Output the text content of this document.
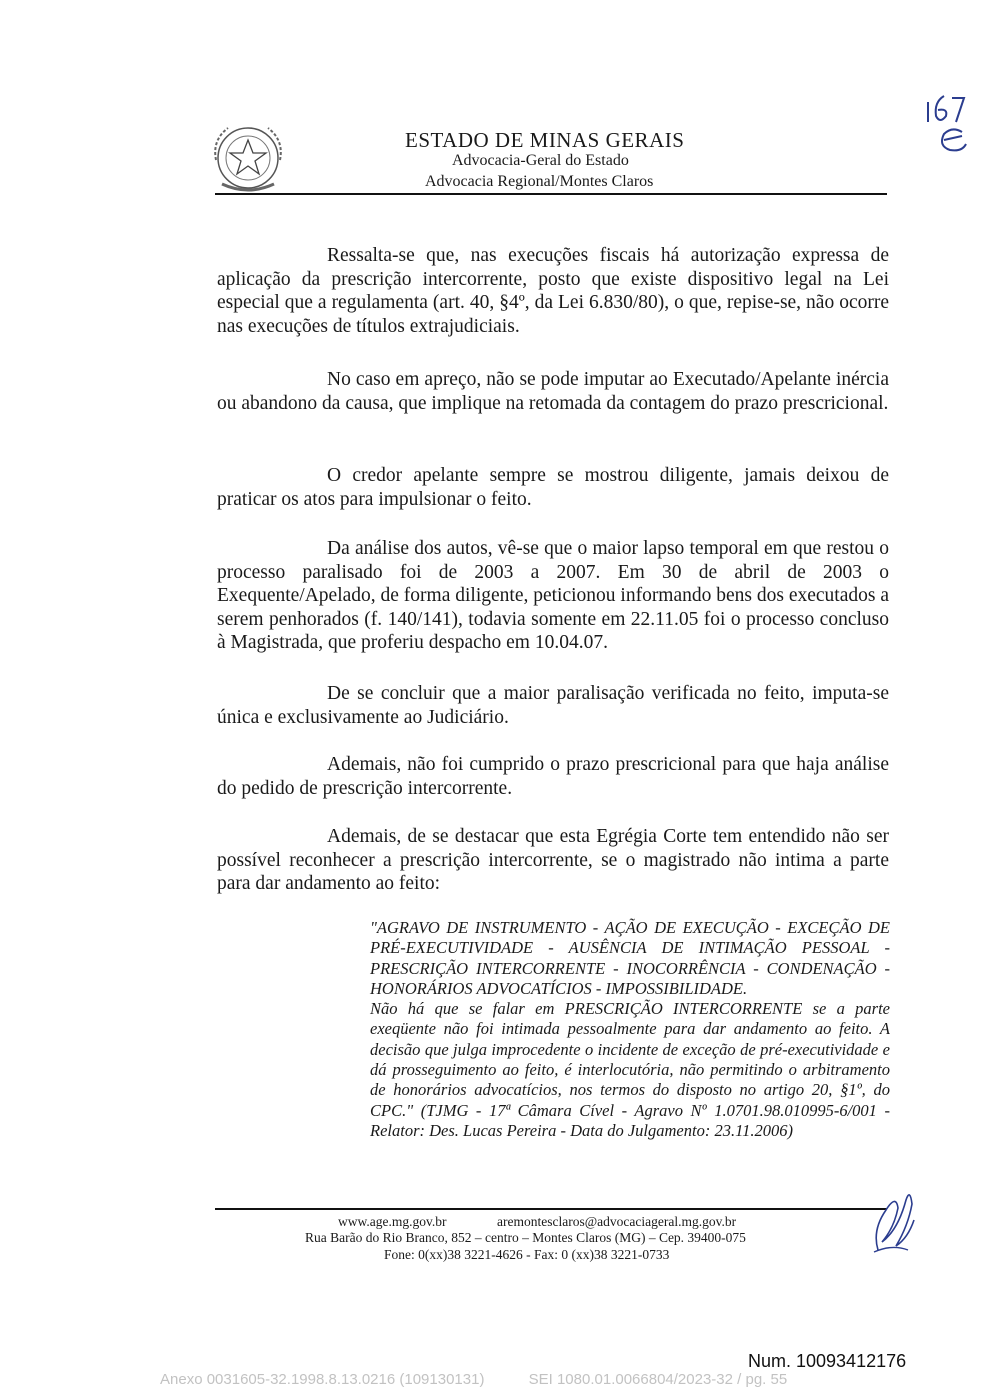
ESTADO DE MINAS GERAIS
Advocacia-Geral do Estado
Advocacia Regional/Montes Claros

Ressalta-se que, nas execuções fiscais há autorização expressa de aplicação da prescrição intercorrente, posto que existe dispositivo legal na Lei especial que a regulamenta (art. 40, §4º, da Lei 6.830/80), o que, repise-se, não ocorre nas execuções de títulos extrajudiciais.

No caso em apreço, não se pode imputar ao Executado/Apelante inércia ou abandono da causa, que implique na retomada da contagem do prazo prescricional.

O credor apelante sempre se mostrou diligente, jamais deixou de praticar os atos para impulsionar o feito.

Da análise dos autos, vê-se que o maior lapso temporal em que restou o processo paralisado foi de 2003 a 2007. Em 30 de abril de 2003 o Exequente/Apelado, de forma diligente, peticionou informando bens dos executados a serem penhorados (f. 140/141), todavia somente em 22.11.05 foi o processo concluso à Magistrada, que proferiu despacho em 10.04.07.

De se concluir que a maior paralisação verificada no feito, imputa-se única e exclusivamente ao Judiciário.

Ademais, não foi cumprido o prazo prescricional para que haja análise do pedido de prescrição intercorrente.

Ademais, de se destacar que esta Egrégia Corte tem entendido não ser possível reconhecer a prescrição intercorrente, se o magistrado não intima a parte para dar andamento ao feito:

"AGRAVO DE INSTRUMENTO - AÇÃO DE EXECUÇÃO - EXCEÇÃO DE PRÉ-EXECUTIVIDADE - AUSÊNCIA DE INTIMAÇÃO PESSOAL - PRESCRIÇÃO INTERCORRENTE - INOCORRÊNCIA - CONDENAÇÃO - HONORÁRIOS ADVOCATÍCIOS - IMPOSSIBILIDADE.
Não há que se falar em PRESCRIÇÃO INTERCORRENTE se a parte exeqüente não foi intimada pessoalmente para dar andamento ao feito. A decisão que julga improcedente o incidente de exceção de pré-executividade e dá prosseguimento ao feito, é interlocutória, não permitindo o arbitramento de honorários advocatícios, nos termos do disposto no artigo 20, §1º, do CPC." (TJMG - 17ª Câmara Cível - Agravo Nº 1.0701.98.010995-6/001 - Relator: Des. Lucas Pereira - Data do Julgamento: 23.11.2006)
www.age.mg.gov.br	aremontesclaros@advocaciageral.mg.gov.br
Rua Barão do Rio Branco, 852 – centro – Montes Claros (MG) – Cep. 39400-075
Fone: 0(xx)38 3221-4626 - Fax: 0 (xx)38 3221-0733
Num. 10093412176
Anexo 0031605-32.1998.8.13.0216 (109130131)	SEI 1080.01.0066804/2023-32 / pg. 55
